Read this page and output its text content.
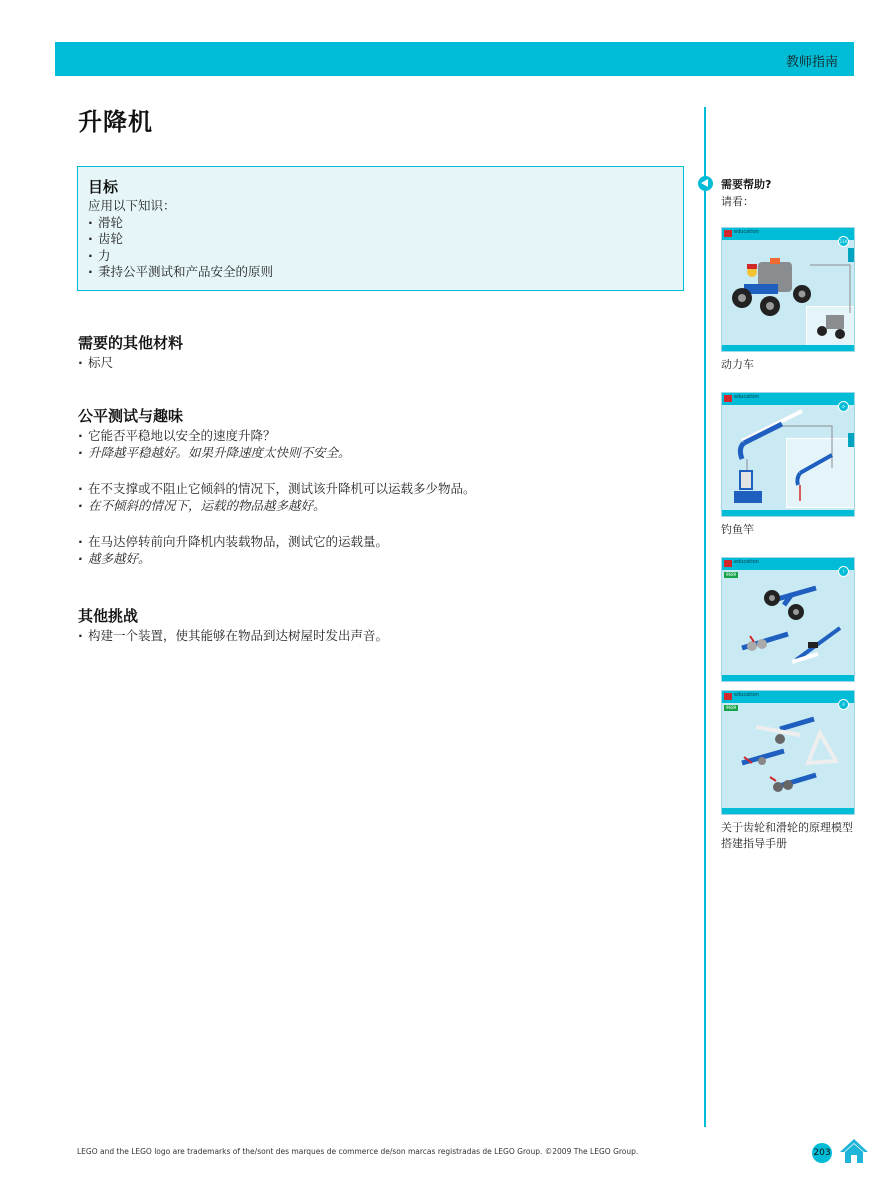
教师指南
升降机
目标
应用以下知识：
· 滑轮
· 齿轮
· 力
· 秉持公平测试和产品安全的原则
需要的其他材料
· 标尺
公平测试与趣味
· 它能否平稳地以安全的速度升降？
· 升降越平稳越好。如果升降速度太快则不安全。
· 在不支撑或不阻止它倾斜的情况下，测试该升降机可以运载多少物品。
· 在不倾斜的情况下，运载的物品越多越好。
· 在马达停转前向升降机内装载物品，测试它的运载量。
· 越多越好。
其他挑战
· 构建一个装置，使其能够在物品到达树屋时发出声音。
需要帮助?
请看：
education
11A
动力车
education
⟳
钓鱼竿
education
9689
I
education
9689
II
关于齿轮和滑轮的原理模型搭建指导手册
LEGO and the LEGO logo are trademarks of the/sont des marques de commerce de/son marcas registradas de LEGO Group. ©2009 The LEGO Group.	203
